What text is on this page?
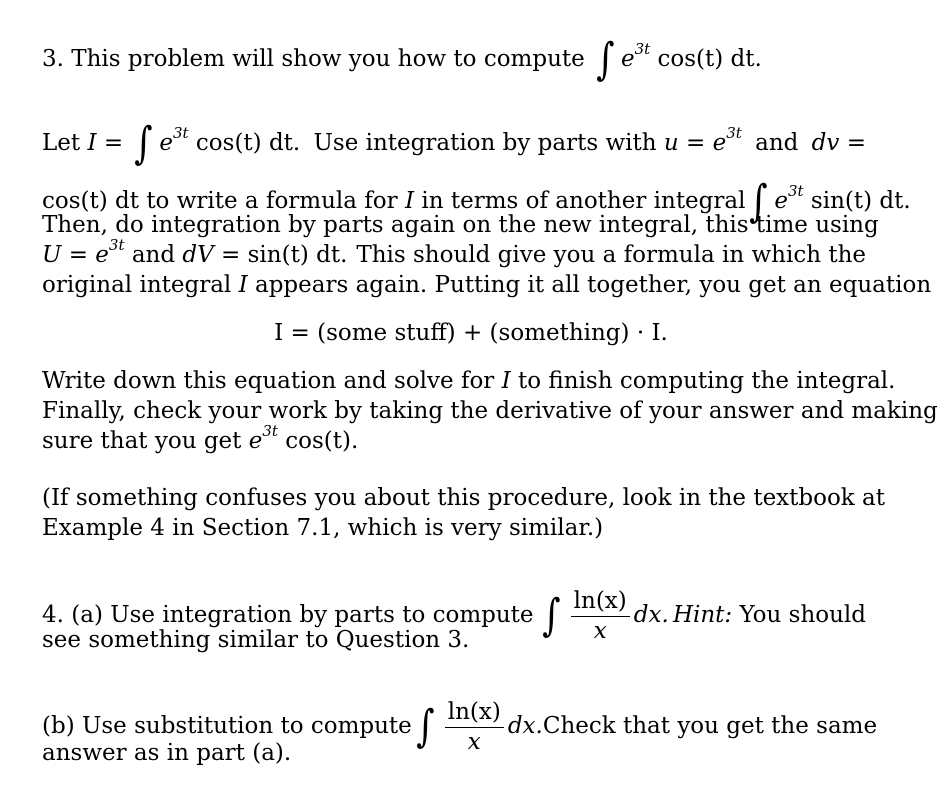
3. This problem will show you how to compute ∫ $e^{3t}$ cos(t) dt.
Let I = ∫ $e^{3t}$ cos(t) dt. Use integration by parts with $u = e^{3t}$ and dv =
cos(t) dt to write a formula for I in terms of another integral ∫ $e^{3t}$ sin(t) dt.
Then, do integration by parts again on the new integral, this time using
$U = e^{3t}$ and dV = sin(t) dt. This should give you a formula in which the
original integral I appears again. Putting it all together, you get an equation
I = (some stuff) + (something) · I.
Write down this equation and solve for I to finish computing the integral.
Finally, check your work by taking the derivative of your answer and making
sure that you get $e^{3t}$ cos(t).
(If something confuses you about this procedure, look in the textbook at
Example 4 in Section 7.1, which is very similar.)
4. (a) Use integration by parts to compute ∫ $\frac{\ln(x)}{x}$ dx. Hint: You should
see something similar to Question 3.
(b) Use substitution to compute ∫ $\frac{\ln(x)}{x}$ dx. Check that you get the same
answer as in part (a).
